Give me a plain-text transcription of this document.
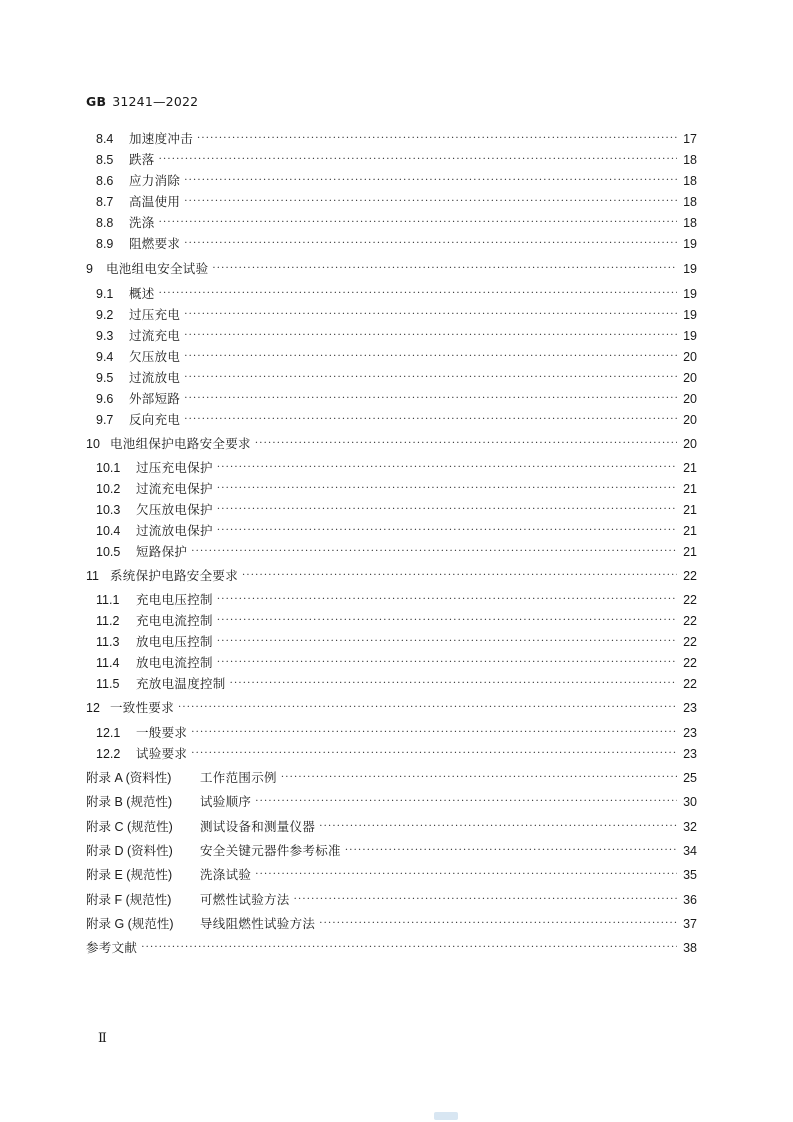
GB 31241—2022
8.4	加速度冲击 ·····	17
8.5	跌落 ·····	18
8.6	应力消除 ·····	18
8.7	高温使用 ·····	18
8.8	洗涤 ·····	18
8.9	阻燃要求 ·····	19
9	电池组电安全试验 ·····	19
9.1	概述 ·····	19
9.2	过压充电 ·····	19
9.3	过流充电 ·····	19
9.4	欠压放电 ·····	20
9.5	过流放电 ·····	20
9.6	外部短路 ·····	20
9.7	反向充电 ·····	20
10 电池组保护电路安全要求 ·····	20
10.1	过压充电保护 ·····	21
10.2	过流充电保护 ·····	21
10.3	欠压放电保护 ·····	21
10.4	过流放电保护 ·····	21
10.5	短路保护 ·····	21
11 系统保护电路安全要求 ·····	22
11.1	充电电压控制 ·····	22
11.2	充电电流控制 ·····	22
11.3	放电电压控制 ·····	22
11.4	放电电流控制 ·····	22
11.5	充放电温度控制 ·····	22
12 一致性要求 ·····	23
12.1	一般要求 ·····	23
12.2	试验要求 ·····	23
附录 A (资料性)	工作范围示例 ·····	25
附录 B (规范性)	试验顺序 ·····	30
附录 C (规范性)	测试设备和测量仪器 ·····	32
附录 D (资料性)	安全关键元器件参考标准 ·····	34
附录 E (规范性)	洗涤试验 ·····	35
附录 F (规范性)	可燃性试验方法 ·····	36
附录 G (规范性)	导线阻燃性试验方法 ·····	37
参考文献 ·····	38
Ⅱ
